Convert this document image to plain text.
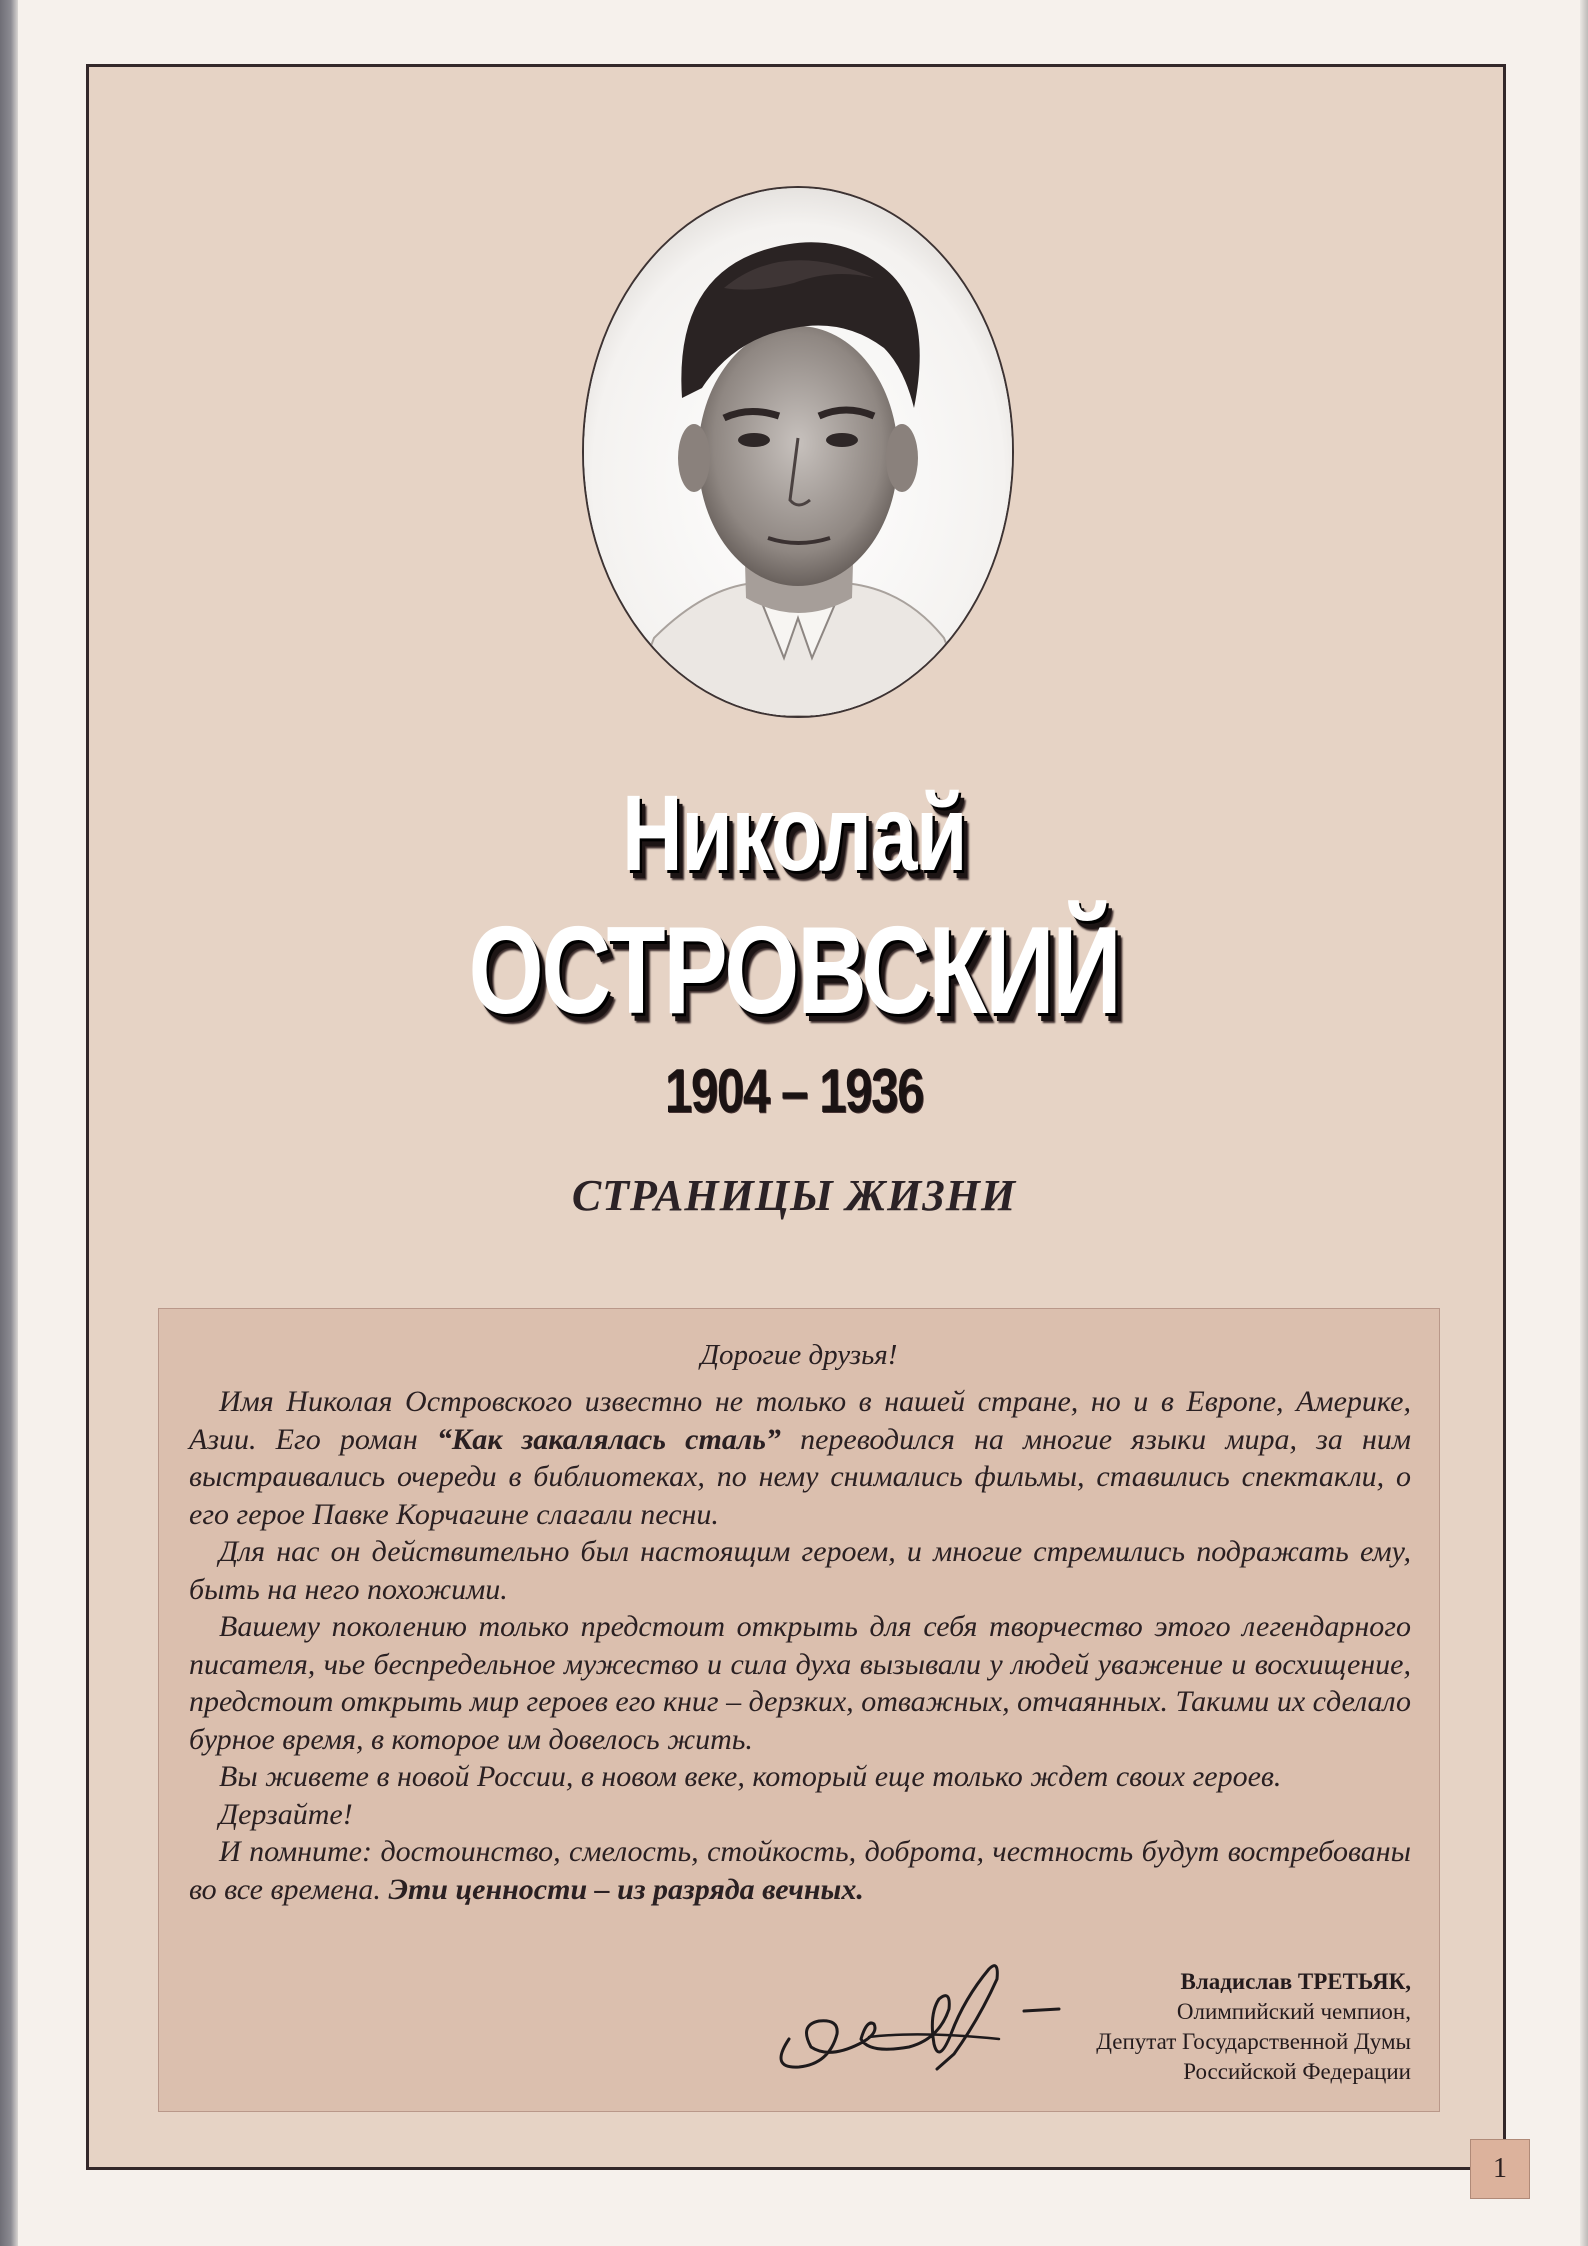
Николай
ОСТРОВСКИЙ
1904 – 1936
СТРАНИЦЫ ЖИЗНИ
Дорогие друзья!

Имя Николая Островского известно не только в нашей стране, но и в Европе, Америке, Азии. Его роман “Как закалялась сталь” переводился на многие языки мира, за ним выстраивались очереди в библиотеках, по нему снимались фильмы, ставились спектакли, о его герое Павке Корчагине слагали песни.

Для нас он действительно был настоящим героем, и многие стремились подражать ему, быть на него похожими.

Вашему поколению только предстоит открыть для себя творчество этого легендарного писателя, чье беспредельное мужество и сила духа вызывали у людей уважение и восхищение, предстоит открыть мир героев его книг – дерзких, отважных, отчаянных. Такими их сделало бурное время, в которое им довелось жить.

Вы живете в новой России, в новом веке, который еще только ждет своих героев.

Дерзайте!

И помните: достоинство, смелость, стойкость, доброта, честность будут востребованы во все времена. Эти ценности – из разряда вечных.

Владислав ТРЕТЬЯК,
Олимпийский чемпион,
Депутат Государственной Думы
Российской Федерации
1
